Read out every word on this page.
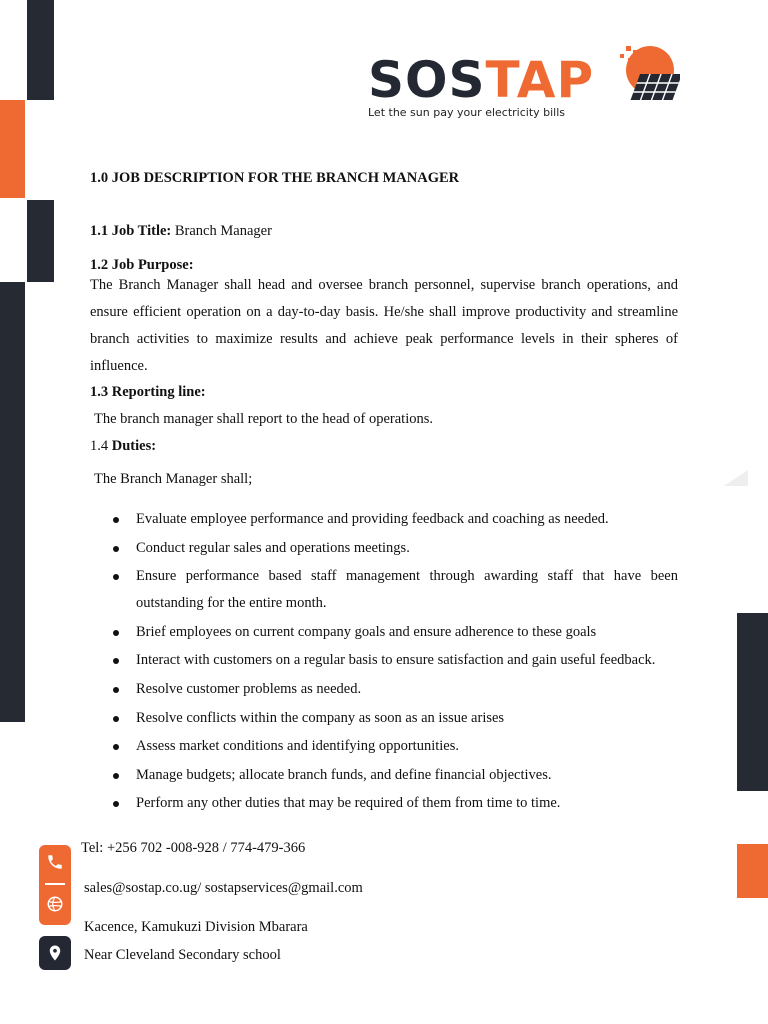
SOSTAP
Let the sun pay your electricity bills
1.0 JOB DESCRIPTION FOR THE BRANCH MANAGER
1.1 Job Title: Branch Manager
1.2 Job Purpose:
The Branch Manager shall head and oversee branch personnel, supervise branch operations, and ensure efficient operation on a day-to-day basis. He/she shall improve productivity and streamline branch activities to maximize results and achieve peak performance levels in their spheres of influence.
1.3 Reporting line:
The branch manager shall report to the head of operations.
1.4 Duties:
The Branch Manager shall;
Evaluate employee performance and providing feedback and coaching as needed.
Conduct regular sales and operations meetings.
Ensure performance based staff management through awarding staff that have been outstanding for the entire month.
Brief employees on current company goals and ensure adherence to these goals
Interact with customers on a regular basis to ensure satisfaction and gain useful feedback.
Resolve customer problems as needed.
Resolve conflicts within the company as soon as an issue arises
Assess market conditions and identifying opportunities.
Manage budgets; allocate branch funds, and define financial objectives.
Perform any other duties that may be required of them from time to time.
Tel: +256 702 -008-928 / 774-479-366
sales@sostap.co.ug/ sostapservices@gmail.com
Kacence, Kamukuzi Division Mbarara
Near Cleveland Secondary school
